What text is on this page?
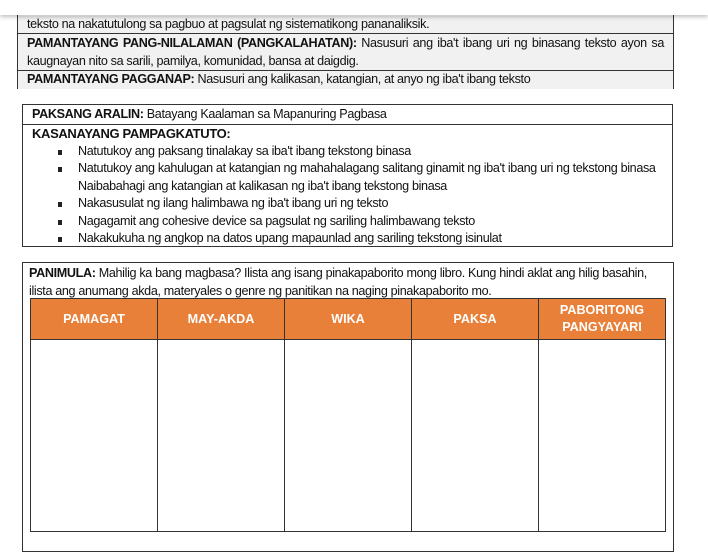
teksto na nakatutulong sa pagbuo at pagsulat ng sistematikong pananaliksik.
PAMANTAYANG PANG-NILALAMAN (PANGKALAHATAN): Nasusuri ang iba't ibang uri ng binasang teksto ayon sa kaugnayan nito sa sarili, pamilya, komunidad, bansa at daigdig.
PAMANTAYANG PAGGANAP: Nasusuri ang kalikasan, katangian, at anyo ng iba't ibang teksto
PAKSANG ARALIN: Batayang Kaalaman sa Mapanuring Pagbasa
KASANAYANG PAMPAGKATUTO:
Natutukoy ang paksang tinalakay sa iba't ibang tekstong binasa
Natutukoy ang kahulugan at katangian ng mahahalagang salitang ginamit ng iba't ibang uri ng tekstong binasa Naibabahagi ang katangian at kalikasan ng iba't ibang tekstong binasa
Nakasusulat ng ilang halimbawa ng iba't ibang uri ng teksto
Nagagamit ang cohesive device sa pagsulat ng sariling halimbawang teksto
Nakakukuha ng angkop na datos upang mapaunlad ang sariling tekstong isinulat
PANIMULA: Mahilig ka bang magbasa? Ilista ang isang pinakapaborito mong libro. Kung hindi aklat ang hilig basahin, ilista ang anumang akda, materyales o genre ng panitikan na naging pinakapaborito mo.
PAMAGAT	MAY-AKDA	WIKA	PAKSA	PABORITONG PANGYAYARI
